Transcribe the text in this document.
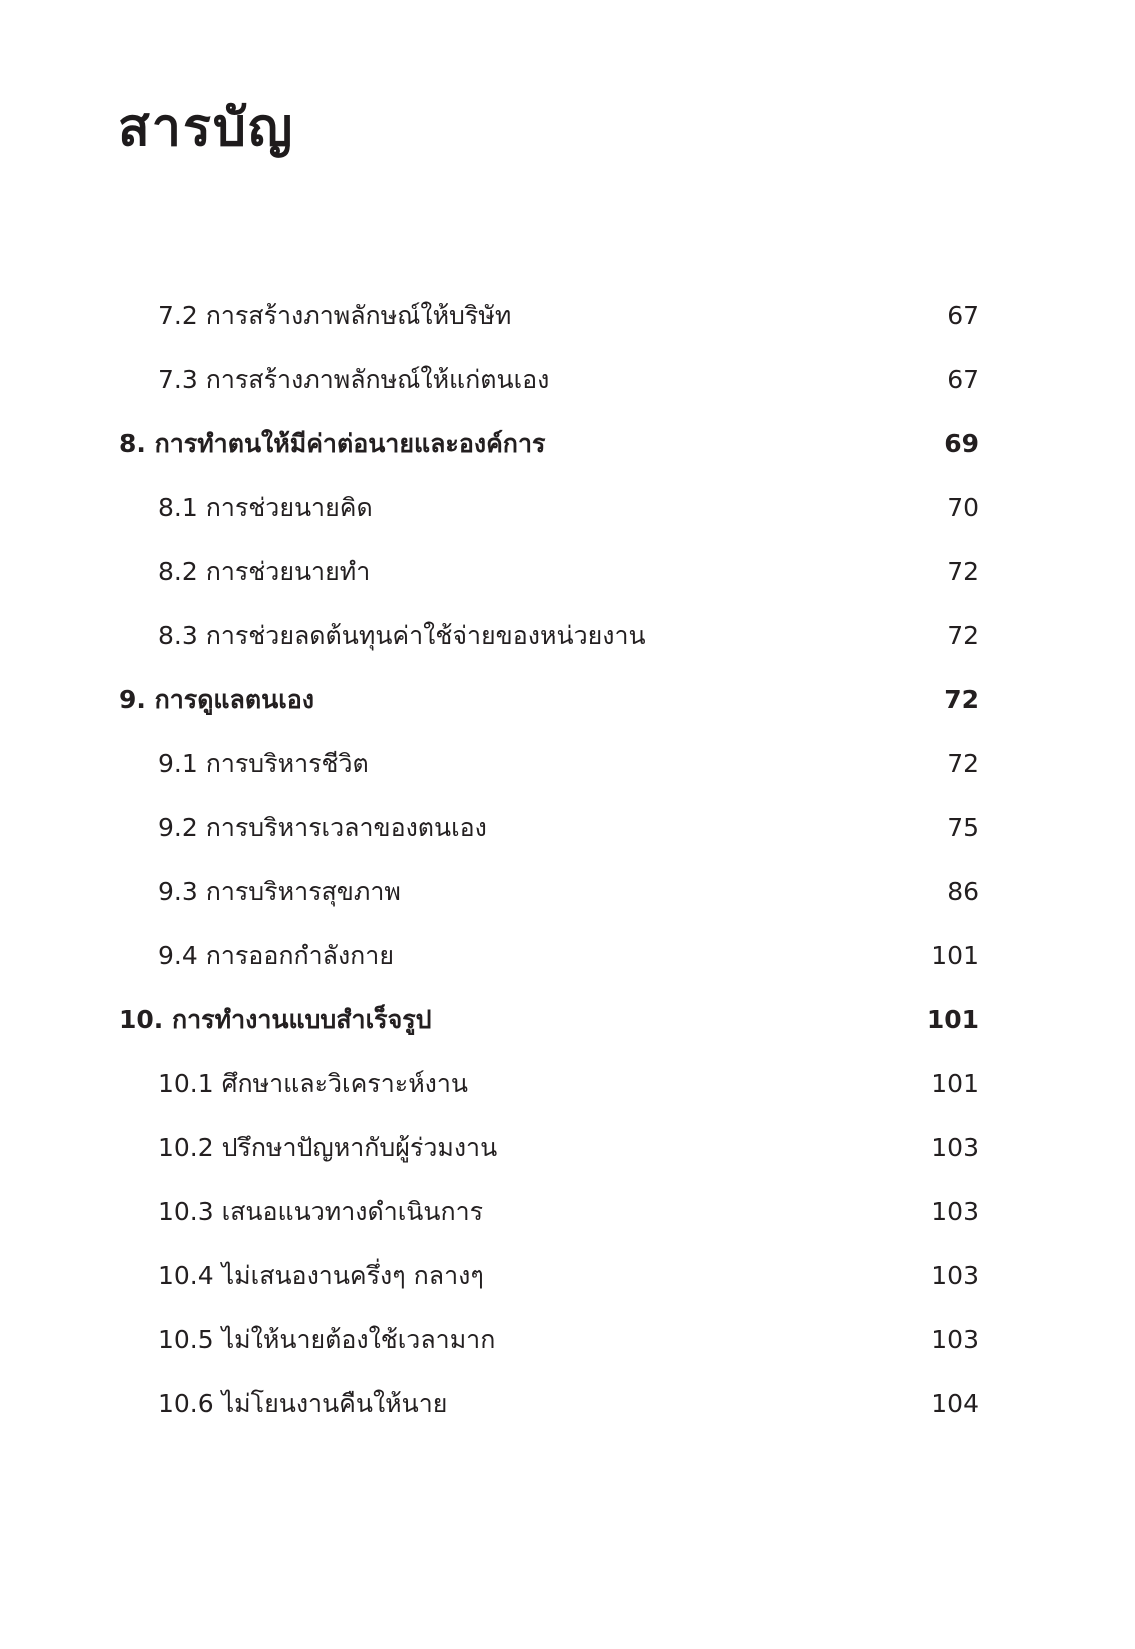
สารบัญ
7.2 การสร้างภาพลักษณ์ให้บริษัท	67
7.3 การสร้างภาพลักษณ์ให้แก่ตนเอง	67
8. การทำตนให้มีค่าต่อนายและองค์การ	69
8.1 การช่วยนายคิด	70
8.2 การช่วยนายทำ	72
8.3 การช่วยลดต้นทุนค่าใช้จ่ายของหน่วยงาน	72
9. การดูแลตนเอง	72
9.1 การบริหารชีวิต	72
9.2 การบริหารเวลาของตนเอง	75
9.3 การบริหารสุขภาพ	86
9.4 การออกกำลังกาย	101
10. การทำงานแบบสำเร็จรูป	101
10.1 ศึกษาและวิเคราะห์งาน	101
10.2 ปรึกษาปัญหากับผู้ร่วมงาน	103
10.3 เสนอแนวทางดำเนินการ	103
10.4 ไม่เสนองานครึ่งๆ กลางๆ	103
10.5 ไม่ให้นายต้องใช้เวลามาก	103
10.6 ไม่โยนงานคืนให้นาย	104
